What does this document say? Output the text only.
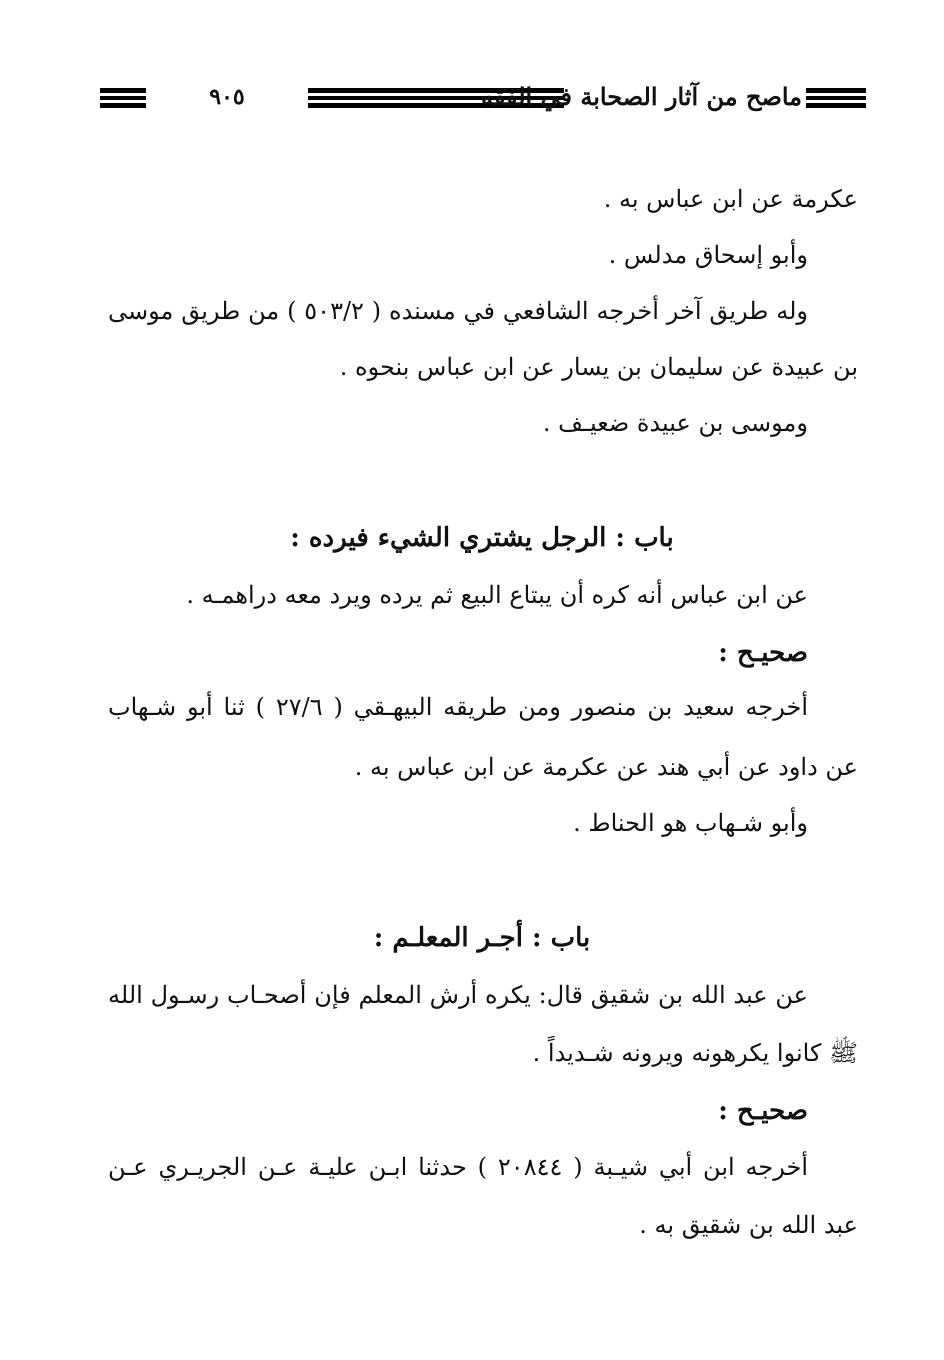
٩٠٥	ماصح من آثار الصحابة في الفقه
عكرمة عن ابن عباس به .
وأبو إسحاق مدلس .
وله طريق آخر أخرجه الشافعي في مسنده ( ٥٠٣/٢ ) من طريق موسى
بن عبيدة عن سليمان بن يسار عن ابن عباس بنحوه .
وموسى بن عبيدة ضعيـف .
باب : الرجل يشتري الشيء فيرده :
عن ابن عباس أنه كره أن يبتاع البيع ثم يرده ويرد معه دراهمـه .
صحيـح :
أخرجه سعيد بن منصور ومن طريقه البيهـقي ( ٢٧/٦ ) ثنا أبو شـهاب
عن داود عن أبي هند عن عكرمة عن ابن عباس به .
وأبو شـهاب هو الحناط .
باب : أجـر المعلـم :
عن عبد الله بن شقيق قال: يكره أرش المعلم فإن أصحـاب رسـول الله
ﷺ كانوا يكرهونه ويرونه شـديداً .
صحيـح :
أخرجه ابن أبي شيـبة ( ٢٠٨٤٤ ) حدثنا ابـن عليـة عـن الجريـري عـن
عبد الله بن شقيق به .
